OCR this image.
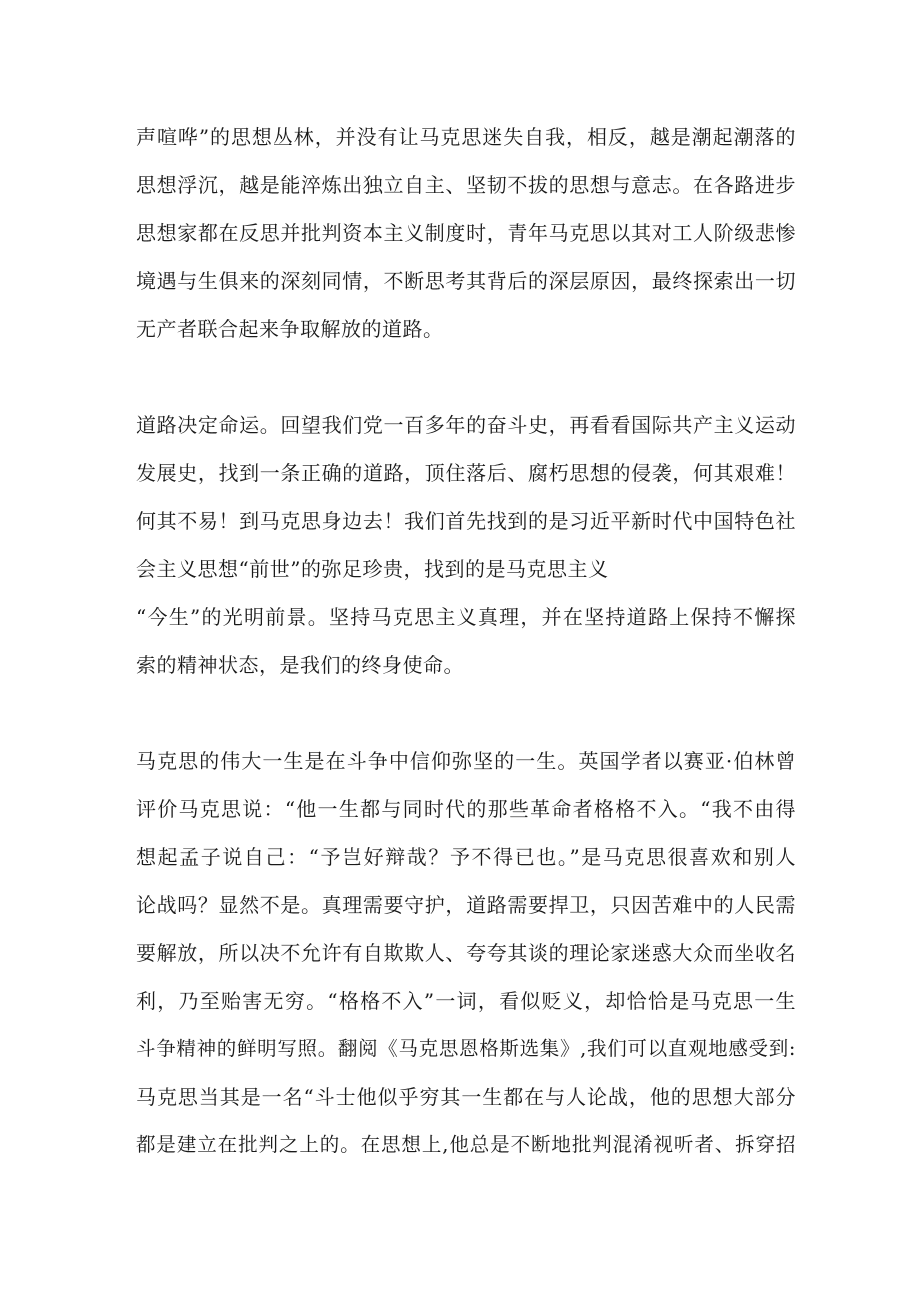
声喧哗”的思想丛林，并没有让马克思迷失自我，相反，越是潮起潮落的
思想浮沉，越是能淬炼出独立自主、坚韧不拔的思想与意志。在各路进步
思想家都在反思并批判资本主义制度时，青年马克思以其对工人阶级悲惨
境遇与生俱来的深刻同情，不断思考其背后的深层原因，最终探索出一切
无产者联合起来争取解放的道路。
道路决定命运。回望我们党一百多年的奋斗史，再看看国际共产主义运动
发展史，找到一条正确的道路，顶住落后、腐朽思想的侵袭，何其艰难！
何其不易！到马克思身边去！我们首先找到的是习近平新时代中国特色社
会主义思想“前世”的弥足珍贵，找到的是马克思主义
“今生”的光明前景。坚持马克思主义真理，并在坚持道路上保持不懈探
索的精神状态，是我们的终身使命。
马克思的伟大一生是在斗争中信仰弥坚的一生。英国学者以赛亚·伯林曾
评价马克思说：“他一生都与同时代的那些革命者格格不入。“我不由得
想起孟子说自己：“予岂好辩哉？予不得已也。”是马克思很喜欢和别人
论战吗？显然不是。真理需要守护，道路需要捍卫，只因苦难中的人民需
要解放，所以决不允许有自欺欺人、夸夸其谈的理论家迷惑大众而坐收名
利，乃至贻害无穷。“格格不入”一词，看似贬义，却恰恰是马克思一生
斗争精神的鲜明写照。翻阅《马克思恩格斯选集》,我们可以直观地感受到:
马克思当其是一名“斗士他似乎穷其一生都在与人论战，他的思想大部分
都是建立在批判之上的。在思想上,他总是不断地批判混淆视听者、拆穿招
